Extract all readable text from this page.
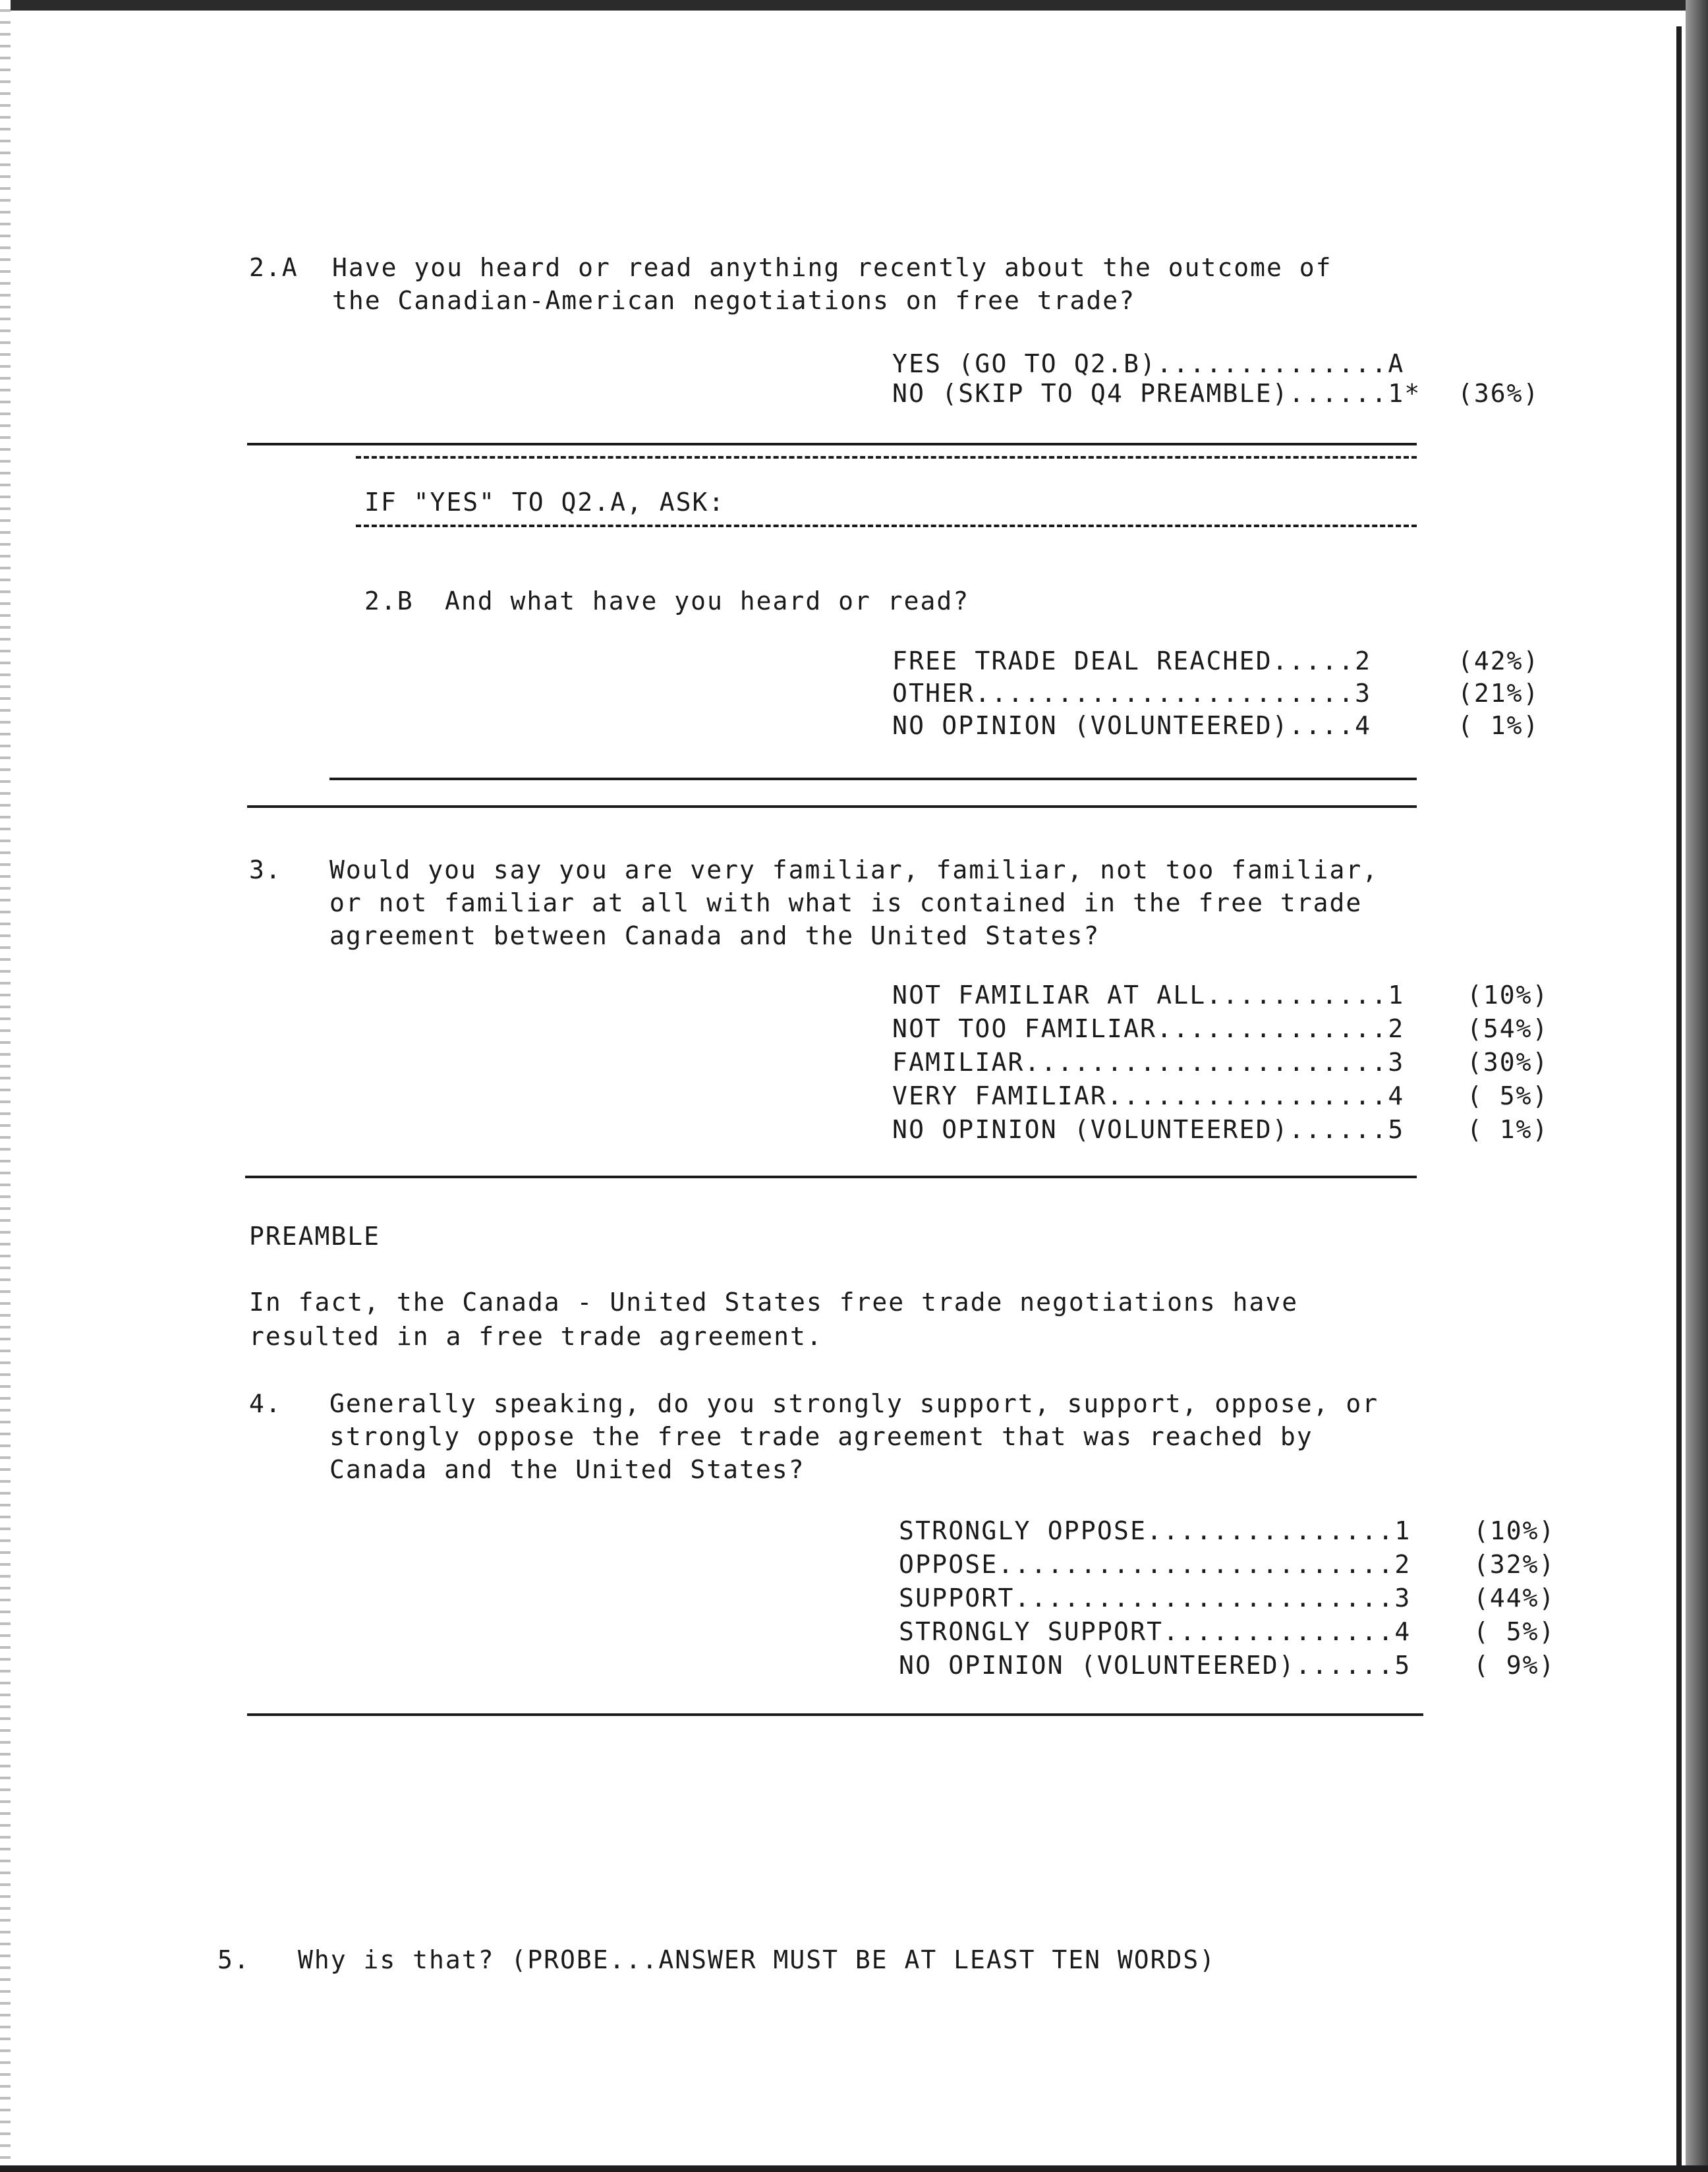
2.A Have you heard or read anything recently about the outcome of
the Canadian-American negotiations on free trade?
YES (GO TO Q2.B)..............A
NO (SKIP TO Q4 PREAMBLE)......1* (36%)
IF "YES" TO Q2.A, ASK:
2.B And what have you heard or read?
FREE TRADE DEAL REACHED.....2	(42%)
OTHER.......................3	(21%)
NO OPINION (VOLUNTEERED)....4	( 1%)
3. Would you say you are very familiar, familiar, not too familiar,
or not familiar at all with what is contained in the free trade
agreement between Canada and the United States?
NOT FAMILIAR AT ALL...........1 (10%)
NOT TOO FAMILIAR..............2 (54%)
FAMILIAR......................3 (30%)
VERY FAMILIAR.................4 ( 5%)
NO OPINION (VOLUNTEERED)......5 ( 1%)
PREAMBLE
In fact, the Canada - United States free trade negotiations have
resulted in a free trade agreement.
4. Generally speaking, do you strongly support, support, oppose, or
strongly oppose the free trade agreement that was reached by
Canada and the United States?
STRONGLY OPPOSE...............1 (10%)
OPPOSE........................2 (32%)
SUPPORT.......................3 (44%)
STRONGLY SUPPORT..............4 ( 5%)
NO OPINION (VOLUNTEERED)......5 ( 9%)
5. Why is that? (PROBE...ANSWER MUST BE AT LEAST TEN WORDS)
